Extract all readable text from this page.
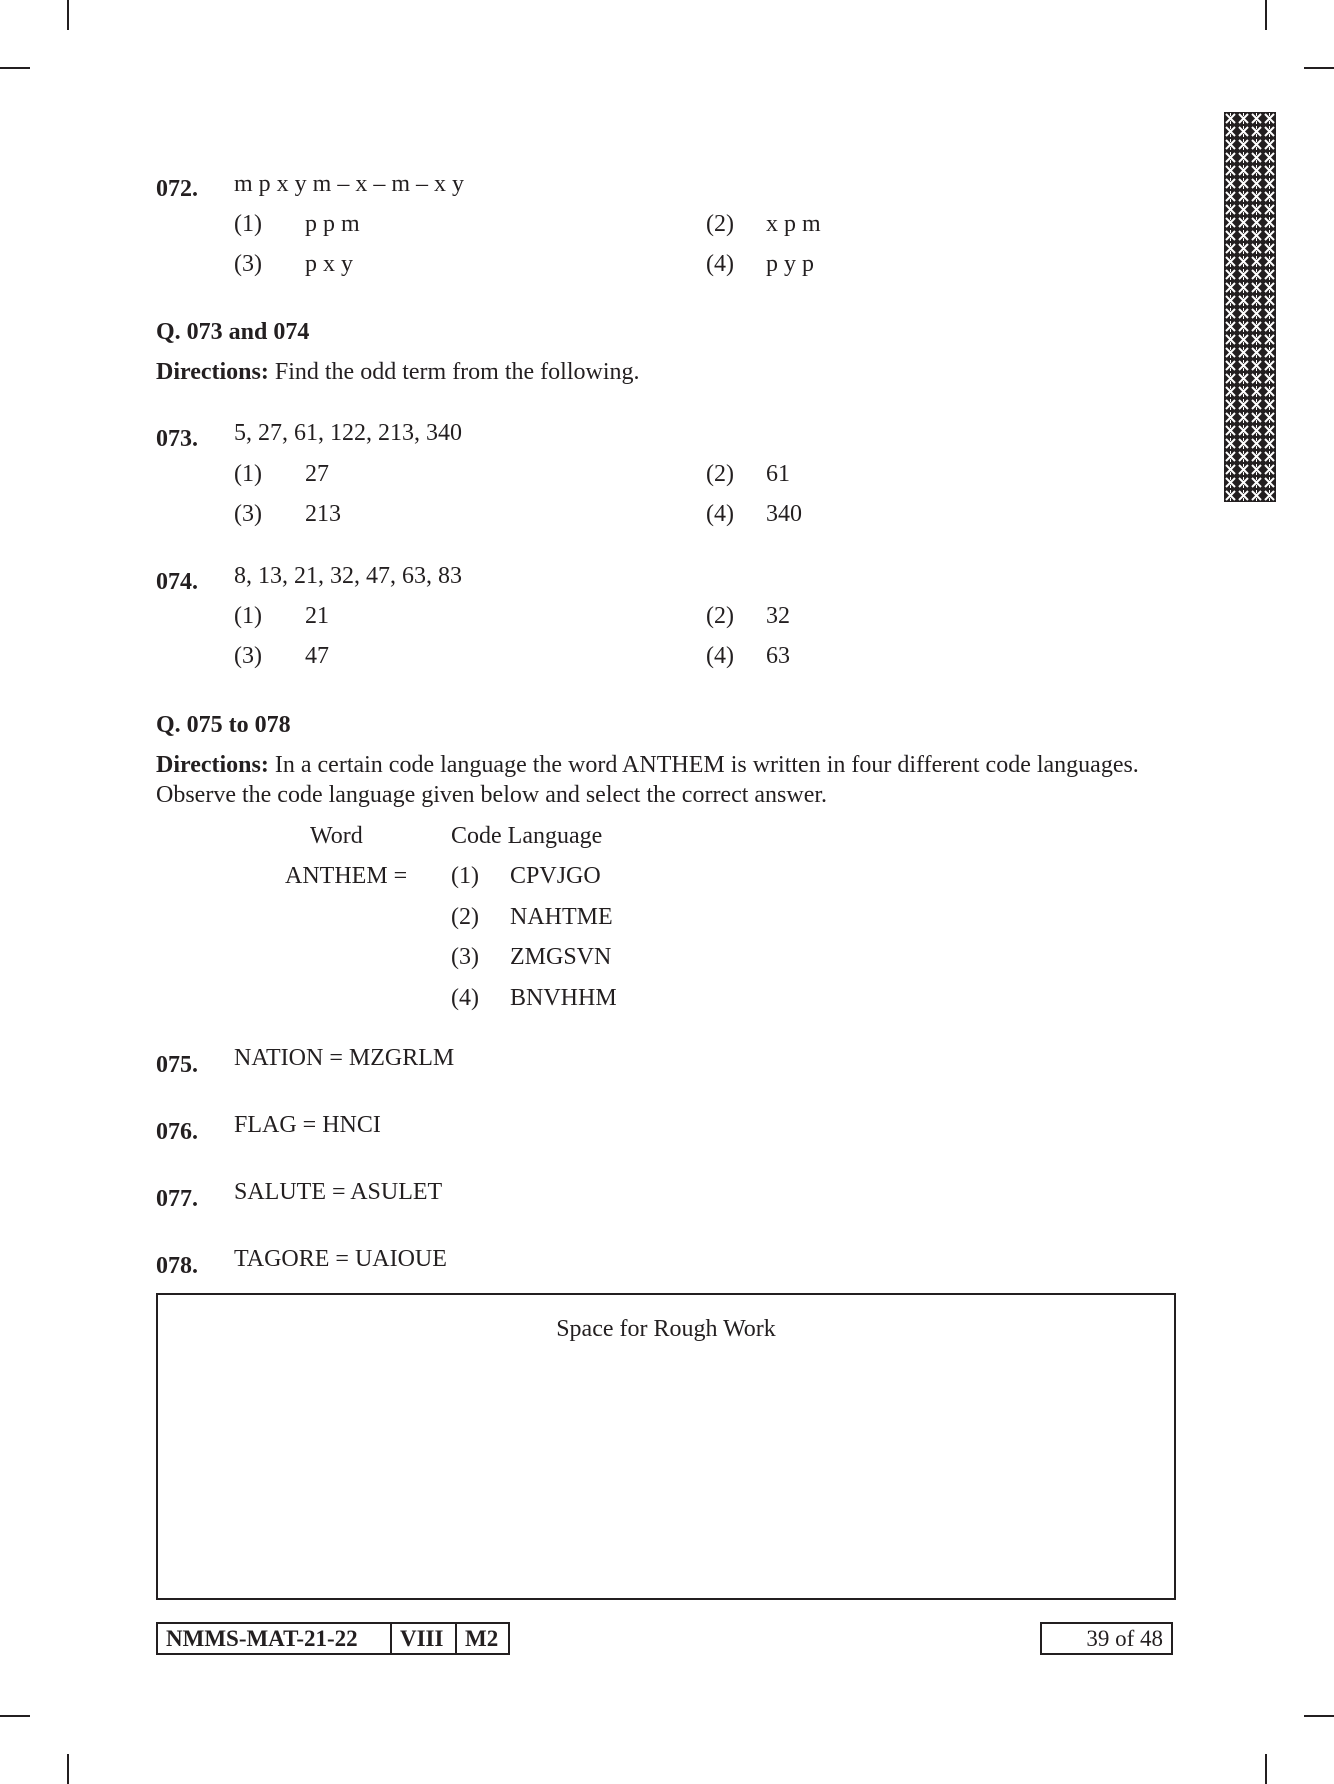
072. m p x y m – x – m – x y
(1) p p m	(2) x p m
(3) p x y	(4) p y p
Q. 073 and 074
Directions: Find the odd term from the following.
073. 5, 27, 61, 122, 213, 340
(1) 27	(2) 61
(3) 213	(4) 340
074. 8, 13, 21, 32, 47, 63, 83
(1) 21	(2) 32
(3) 47	(4) 63
Q. 075 to 078
Directions: In a certain code language the word ANTHEM is written in four different code languages.
Observe the code language given below and select the correct answer.
Word	Code Language
ANTHEM = (1) CPVJGO
(2) NAHTME
(3) ZMGSVN
(4) BNVHHM
075. NATION = MZGRLM
076. FLAG = HNCI
077. SALUTE = ASULET
078. TAGORE = UAIOUE
Space for Rough Work
NMMS-MAT-21-22	VIII M2	39 of 48
